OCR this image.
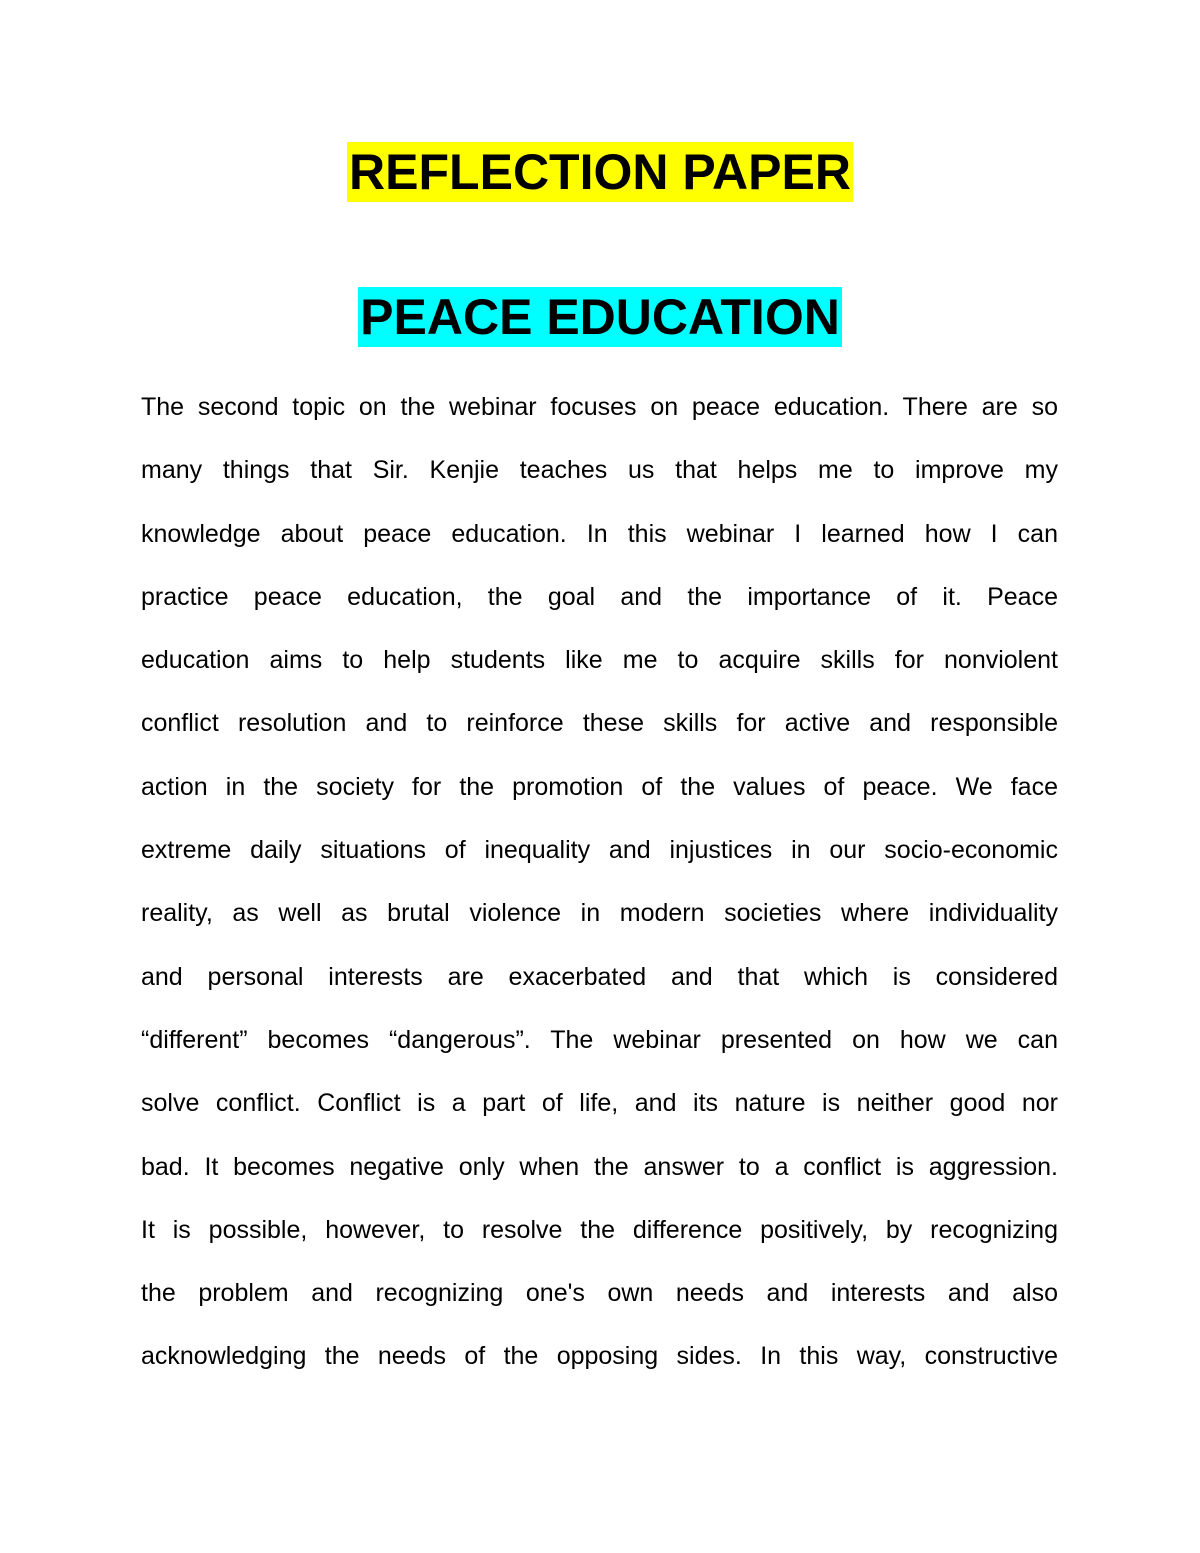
REFLECTION PAPER
PEACE EDUCATION
The second topic on the webinar focuses on peace education. There are so
many things that Sir. Kenjie teaches us that helps me to improve my
knowledge about peace education. In this webinar I learned how I can
practice peace education, the goal and the importance of it. Peace
education aims to help students like me to acquire skills for nonviolent
conflict resolution and to reinforce these skills for active and responsible
action in the society for the promotion of the values of peace. We face
extreme daily situations of inequality and injustices in our socio-economic
reality, as well as brutal violence in modern societies where individuality
and personal interests are exacerbated and that which is considered
“different” becomes “dangerous”. The webinar presented on how we can
solve conflict. Conflict is a part of life, and its nature is neither good nor
bad. It becomes negative only when the answer to a conflict is aggression.
It is possible, however, to resolve the difference positively, by recognizing
the problem and recognizing one's own needs and interests and also
acknowledging the needs of the opposing sides. In this way, constructive
